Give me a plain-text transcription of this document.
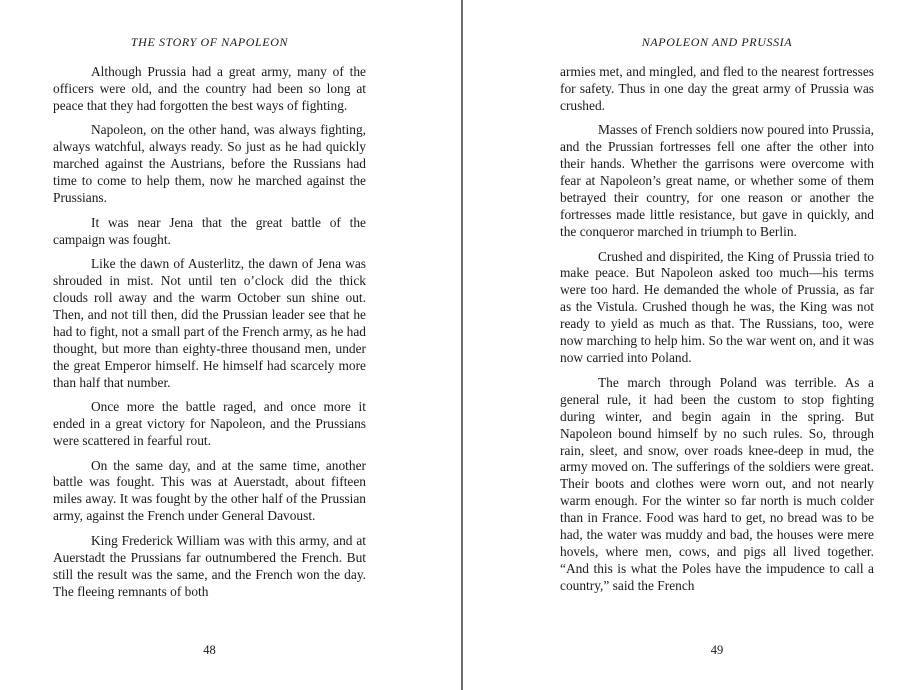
THE STORY OF NAPOLEON

Although Prussia had a great army, many of the officers were old, and the country had been so long at peace that they had forgotten the best ways of fighting.

Napoleon, on the other hand, was always fighting, always watchful, always ready. So just as he had quickly marched against the Austrians, before the Russians had time to come to help them, now he marched against the Prussians.

It was near Jena that the great battle of the campaign was fought.

Like the dawn of Austerlitz, the dawn of Jena was shrouded in mist. Not until ten o’clock did the thick clouds roll away and the warm October sun shine out. Then, and not till then, did the Prussian leader see that he had to fight, not a small part of the French army, as he had thought, but more than eighty-three thousand men, under the great Emperor himself. He himself had scarcely more than half that number.

Once more the battle raged, and once more it ended in a great victory for Napoleon, and the Prussians were scattered in fearful rout.

On the same day, and at the same time, another battle was fought. This was at Auerstadt, about fifteen miles away. It was fought by the other half of the Prussian army, against the French under General Davoust.

King Frederick William was with this army, and at Auerstadt the Prussians far outnumbered the French. But still the result was the same, and the French won the day. The fleeing remnants of both

48
NAPOLEON AND PRUSSIA

armies met, and mingled, and fled to the nearest fortresses for safety. Thus in one day the great army of Prussia was crushed.

Masses of French soldiers now poured into Prussia, and the Prussian fortresses fell one after the other into their hands. Whether the garrisons were overcome with fear at Napoleon’s great name, or whether some of them betrayed their country, for one reason or another the fortresses made little resistance, but gave in quickly, and the conqueror marched in triumph to Berlin.

Crushed and dispirited, the King of Prussia tried to make peace. But Napoleon asked too much—his terms were too hard. He demanded the whole of Prussia, as far as the Vistula. Crushed though he was, the King was not ready to yield as much as that. The Russians, too, were now marching to help him. So the war went on, and it was now carried into Poland.

The march through Poland was terrible. As a general rule, it had been the custom to stop fighting during winter, and begin again in the spring. But Napoleon bound himself by no such rules. So, through rain, sleet, and snow, over roads knee-deep in mud, the army moved on. The sufferings of the soldiers were great. Their boots and clothes were worn out, and not nearly warm enough. For the winter so far north is much colder than in France. Food was hard to get, no bread was to be had, the water was muddy and bad, the houses were mere hovels, where men, cows, and pigs all lived together. “And this is what the Poles have the impudence to call a country,” said the French

49
